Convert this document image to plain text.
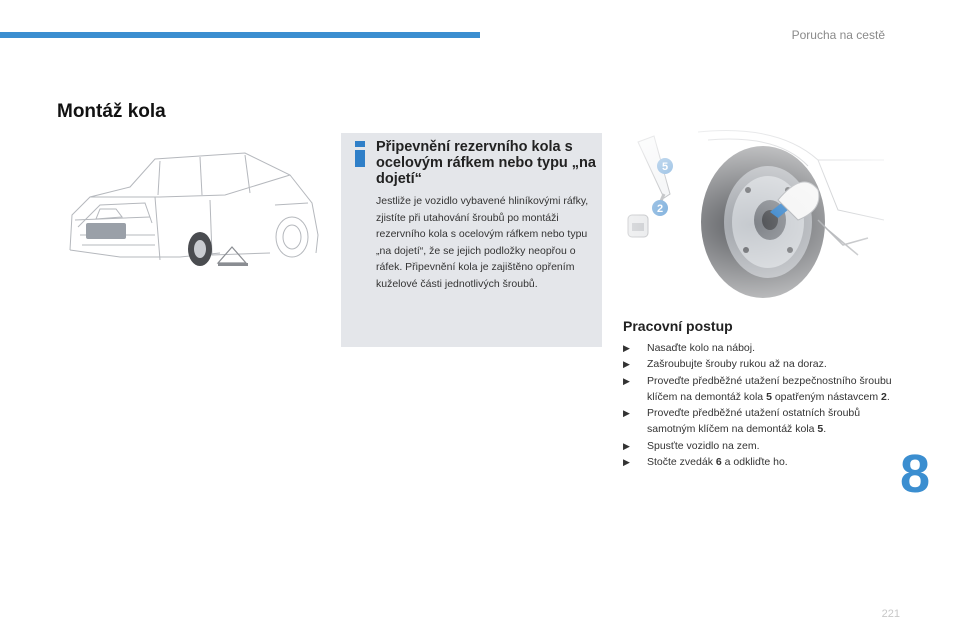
Porucha na cestě
Montáž kola
Připevnění rezervního kola s ocelovým ráfkem nebo typu „na dojetí“
Jestliže je vozidlo vybavené hliníkovými ráfky, zjistíte při utahování šroubů po montáži rezervního kola s ocelovým ráfkem nebo typu „na dojetí“, že se jejich podložky neopřou o ráfek. Připevnění kola je zajištěno opřením kuželové části jednotlivých šroubů.
Pracovní postup
▶ Nasaďte kolo na náboj.
▶ Zašroubujte šrouby rukou až na doraz.
▶ Proveďte předběžné utažení bezpečnostního šroubu klíčem na demontáž kola 5 opatřeným nástavcem 2.
▶ Proveďte předběžné utažení ostatních šroubů samotným klíčem na demontáž kola 5.
▶ Spusťte vozidlo na zem.
▶ Stočte zvedák 6 a odkliďte ho.	8
221
